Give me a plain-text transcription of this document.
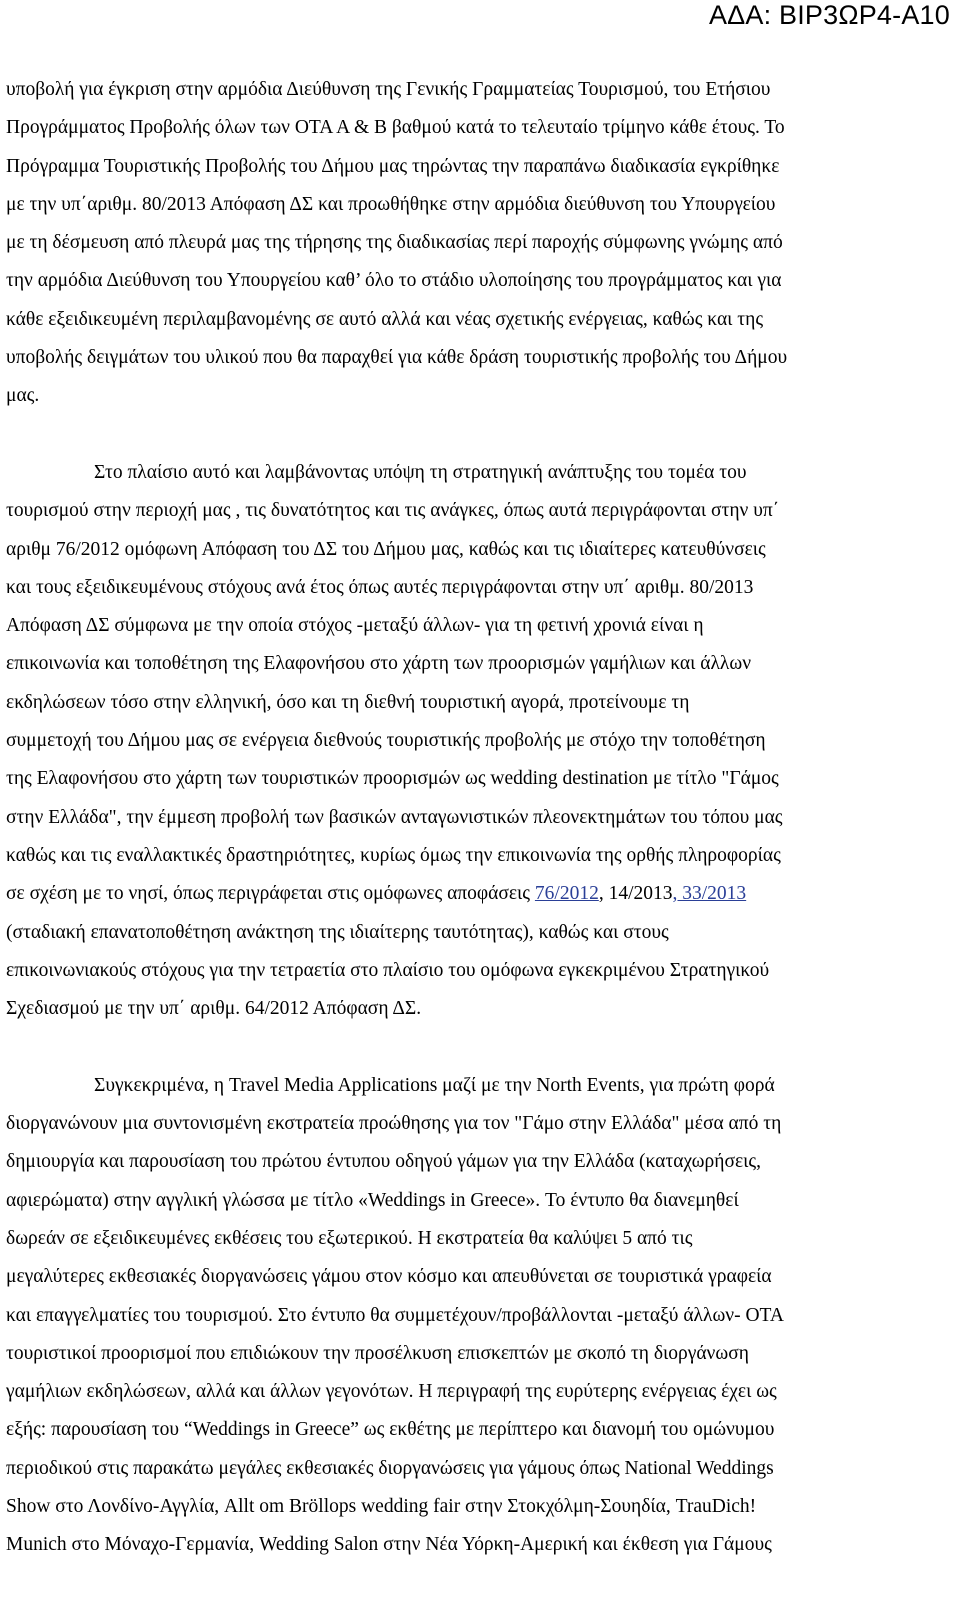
ΑΔΑ: ΒΙΡ3ΩΡ4-Α10
υποβολή για έγκριση στην αρμόδια Διεύθυνση της Γενικής Γραμματείας Τουρισμού, του Ετήσιου
Προγράμματος Προβολής όλων των ΟΤΑ Α & Β βαθμού κατά το τελευταίο τρίμηνο κάθε έτους. Το
Πρόγραμμα Τουριστικής Προβολής του Δήμου μας τηρώντας την παραπάνω διαδικασία εγκρίθηκε
με την υπ΄αριθμ. 80/2013 Απόφαση ΔΣ και προωθήθηκε στην αρμόδια διεύθυνση του Υπουργείου
με τη δέσμευση από πλευρά μας της τήρησης της διαδικασίας περί παροχής σύμφωνης γνώμης από
την αρμόδια Διεύθυνση του Υπουργείου καθ’ όλο το στάδιο υλοποίησης του προγράμματος και για
κάθε εξειδικευμένη περιλαμβανομένης σε αυτό αλλά και νέας σχετικής ενέργειας, καθώς και της
υποβολής δειγμάτων του υλικού που θα παραχθεί για κάθε δράση τουριστικής προβολής του Δήμου
μας.
Στο πλαίσιο αυτό και λαμβάνοντας υπόψη τη στρατηγική ανάπτυξης του τομέα του
τουρισμού στην περιοχή μας , τις δυνατότητος και τις ανάγκες, όπως αυτά περιγράφονται στην υπ΄
αριθμ 76/2012 ομόφωνη Απόφαση του ΔΣ του Δήμου μας, καθώς και τις ιδιαίτερες κατευθύνσεις
και τους εξειδικευμένους στόχους ανά έτος όπως αυτές περιγράφονται στην υπ΄ αριθμ. 80/2013
Απόφαση ΔΣ σύμφωνα με την οποία στόχος -μεταξύ άλλων- για τη φετινή χρονιά είναι η
επικοινωνία και τοποθέτηση της Ελαφονήσου στο χάρτη των προορισμών γαμήλιων και άλλων
εκδηλώσεων τόσο στην ελληνική, όσο και τη διεθνή τουριστική αγορά, προτείνουμε τη
συμμετοχή του Δήμου μας σε ενέργεια διεθνούς τουριστικής προβολής με στόχο την τοποθέτηση
της Ελαφονήσου στο χάρτη των τουριστικών προορισμών ως wedding destination με τίτλο "Γάμος
στην Ελλάδα", την έμμεση προβολή των βασικών ανταγωνιστικών πλεονεκτημάτων του τόπου μας
καθώς και τις εναλλακτικές δραστηριότητες, κυρίως όμως την επικοινωνία της ορθής πληροφορίας
σε σχέση με το νησί, όπως περιγράφεται στις ομόφωνες αποφάσεις 76/2012, 14/2013, 33/2013
(σταδιακή επανατοποθέτηση ανάκτηση της ιδιαίτερης ταυτότητας), καθώς και στους
επικοινωνιακούς στόχους για την τετραετία στο πλαίσιο του ομόφωνα εγκεκριμένου Στρατηγικού
Σχεδιασμού με την υπ΄ αριθμ. 64/2012 Απόφαση ΔΣ.
Συγκεκριμένα, η Travel Media Applications μαζί με την North Events, για πρώτη φορά
διοργανώνουν μια συντονισμένη εκστρατεία προώθησης για τον "Γάμο στην Ελλάδα" μέσα από τη
δημιουργία και παρουσίαση του πρώτου έντυπου οδηγού γάμων για την Ελλάδα (καταχωρήσεις,
αφιερώματα) στην αγγλική γλώσσα με τίτλο «Weddings in Greece». Το έντυπο θα διανεμηθεί
δωρεάν σε εξειδικευμένες εκθέσεις του εξωτερικού. Η εκστρατεία θα καλύψει 5 από τις
μεγαλύτερες εκθεσιακές διοργανώσεις γάμου στον κόσμο και απευθύνεται σε τουριστικά γραφεία
και επαγγελματίες του τουρισμού. Στο έντυπο θα συμμετέχουν/προβάλλονται -μεταξύ άλλων- ΟΤΑ
τουριστικοί προορισμοί που επιδιώκουν την προσέλκυση επισκεπτών με σκοπό τη διοργάνωση
γαμήλιων εκδηλώσεων, αλλά και άλλων γεγονότων. Η περιγραφή της ευρύτερης ενέργειας έχει ως
εξής: παρουσίαση του “Weddings in Greece” ως εκθέτης με περίπτερο και διανομή του ομώνυμου
περιοδικού στις παρακάτω μεγάλες εκθεσιακές διοργανώσεις για γάμους όπως National Weddings
Show στο Λονδίνο-Αγγλία, Allt om Bröllops wedding fair στην Στοκχόλμη-Σουηδία, TrauDich!
Munich στο Μόναχο-Γερμανία, Wedding Salon στην Νέα Υόρκη-Αμερική και έκθεση για Γάμους
